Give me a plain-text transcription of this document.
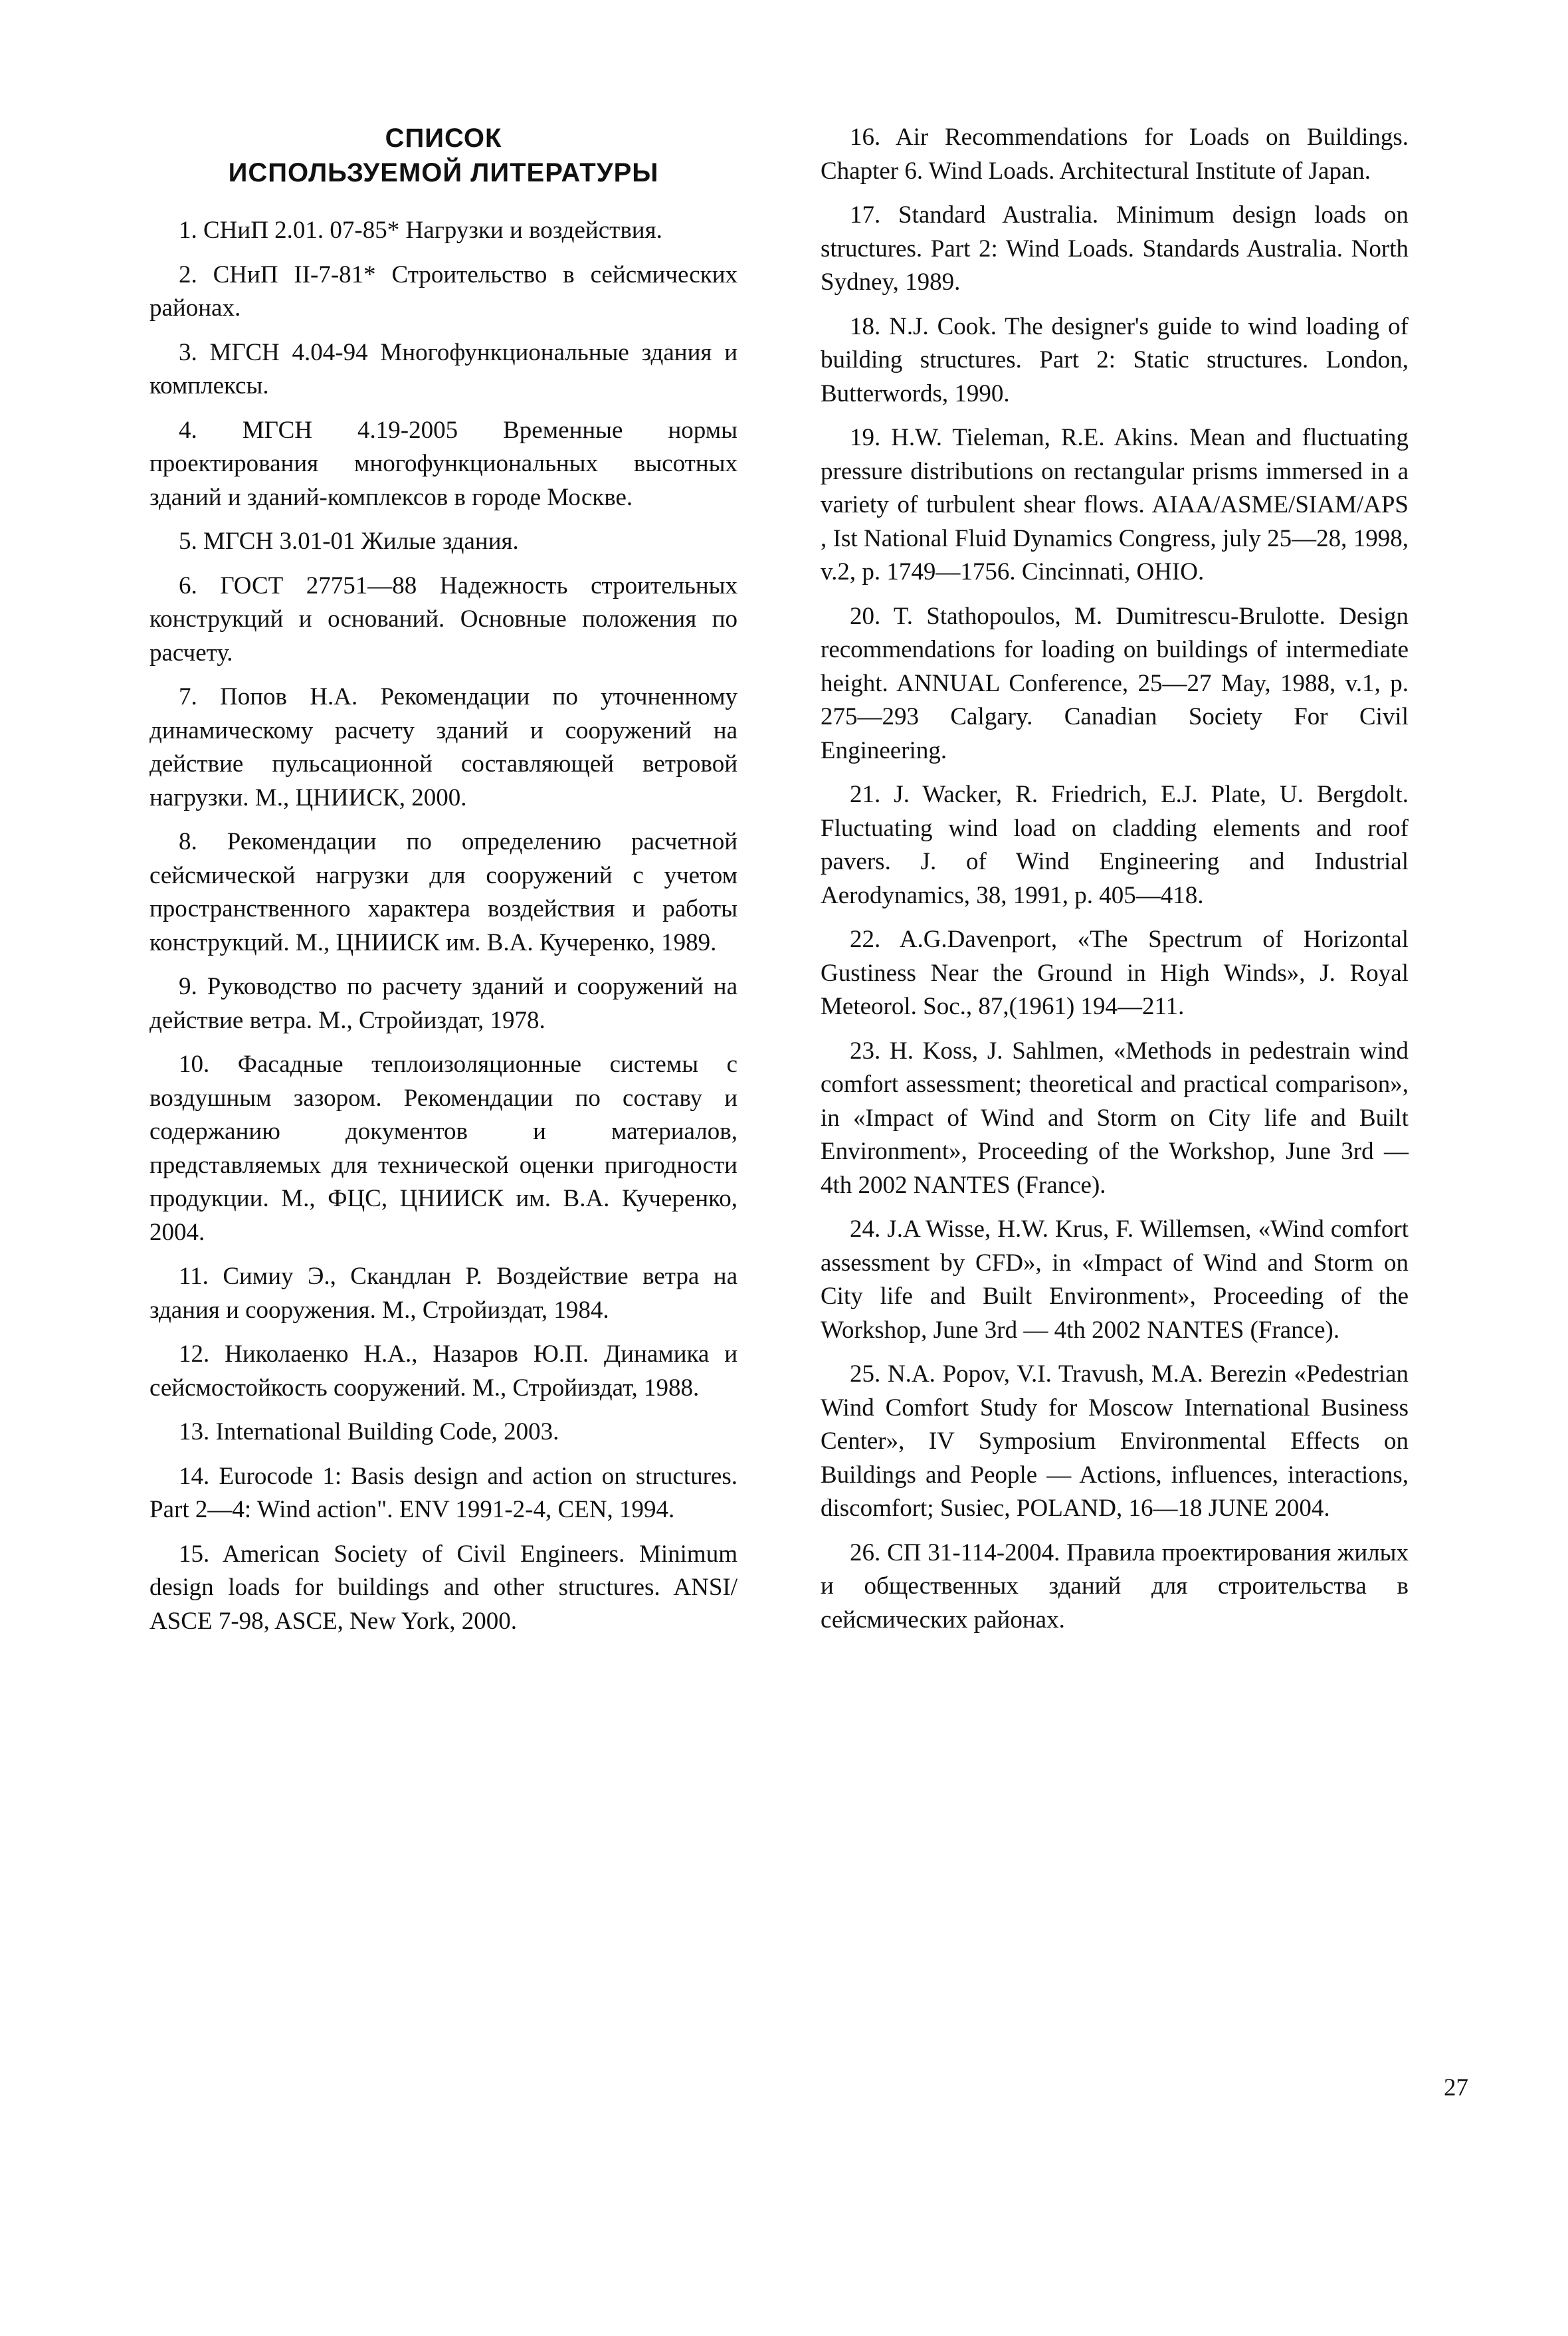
СПИСОК
ИСПОЛЬЗУЕМОЙ ЛИТЕРАТУРЫ

1. СНиП 2.01. 07-85* Нагрузки и воздействия.

2. СНиП II-7-81* Строительство в сейсмических районах.

3. МГСН 4.04-94 Многофункциональные здания и комплексы.

4. МГСН 4.19-2005 Временные нормы проектирования многофункциональных высотных зданий и зданий-комплексов в городе Москве.

5. МГСН 3.01-01 Жилые здания.

6. ГОСТ 27751—88 Надежность строительных конструкций и оснований. Основные положения по расчету.

7. Попов Н.А. Рекомендации по уточненному динамическому расчету зданий и сооружений на действие пульсационной составляющей ветровой нагрузки. М., ЦНИИСК, 2000.

8. Рекомендации по определению расчетной сейсмической нагрузки для сооружений с учетом пространственного характера воздействия и работы конструкций. М., ЦНИИСК им. В.А. Кучеренко, 1989.

9. Руководство по расчету зданий и сооружений на действие ветра. М., Стройиздат, 1978.

10. Фасадные теплоизоляционные системы с воздушным зазором. Рекомендации по составу и содержанию документов и материалов, представляемых для технической оценки пригодности продукции. М., ФЦС, ЦНИИСК им. В.А. Кучеренко, 2004.

11. Симиу Э., Скандлан Р. Воздействие ветра на здания и сооружения. М., Стройиздат, 1984.

12. Николаенко Н.А., Назаров Ю.П. Динамика и сейсмостойкость сооружений. М., Стройиздат, 1988.

13. International Building Code, 2003.

14. Eurocode 1: Basis design and action on structures. Part 2—4: Wind action". ENV 1991-2-4, CEN, 1994.

15. American Society of Civil Engineers. Minimum design loads for buildings and other structures. ANSI/ ASCE 7-98, ASCE, New York, 2000.

16. Air Recommendations for Loads on Buildings. Chapter 6. Wind Loads. Architectural Institute of Japan.

17. Standard Australia. Minimum design loads on structures. Part 2: Wind Loads. Standards Australia. North Sydney, 1989.

18. N.J. Cook. The designer's guide to wind loading of building structures. Part 2: Static structures. London, Butterwords, 1990.

19. H.W. Tieleman, R.E. Akins. Mean and fluctuating pressure distributions on rectangular prisms immersed in a variety of turbulent shear flows. AIAA/ASME/SIAM/APS , Ist National Fluid Dynamics Congress, july 25—28, 1998, v.2, p. 1749—1756. Cincinnati, OHIO.

20. T. Stathopoulos, M. Dumitrescu-Brulotte. Design recommendations for loading on buildings of intermediate height. ANNUAL Conference, 25—27 May, 1988, v.1, p. 275—293 Calgary. Canadian Society For Civil Engineering.

21. J. Wacker, R. Friedrich, E.J. Plate, U. Bergdolt. Fluctuating wind load on cladding elements and roof pavers. J. of Wind Engineering and Industrial Aerodynamics, 38, 1991, p. 405—418.

22. A.G.Davenport, «The Spectrum of Horizontal Gustiness Near the Ground in High Winds», J. Royal Meteorol. Soc., 87,(1961) 194—211.

23. H. Koss, J. Sahlmen, «Methods in pedestrain wind comfort assessment; theoretical and practical comparison», in «Impact of Wind and Storm on City life and Built Environment», Proceeding of the Workshop, June 3rd — 4th 2002 NANTES (France).

24. J.A Wisse, H.W. Krus, F. Willemsen, «Wind comfort assessment by CFD», in «Impact of Wind and Storm on City life and Built Environment», Proceeding of the Workshop, June 3rd — 4th 2002 NANTES (France).

25. N.A. Popov, V.I. Travush, M.A. Berezin «Pedestrian Wind Comfort Study for Moscow International Business Center», IV Symposium Environmental Effects on Buildings and People — Actions, influences, interactions, discomfort; Susiec, POLAND, 16—18 JUNE 2004.

26. СП 31-114-2004. Правила проектирования жилых и общественных зданий для строительства в сейсмических районах.

27
